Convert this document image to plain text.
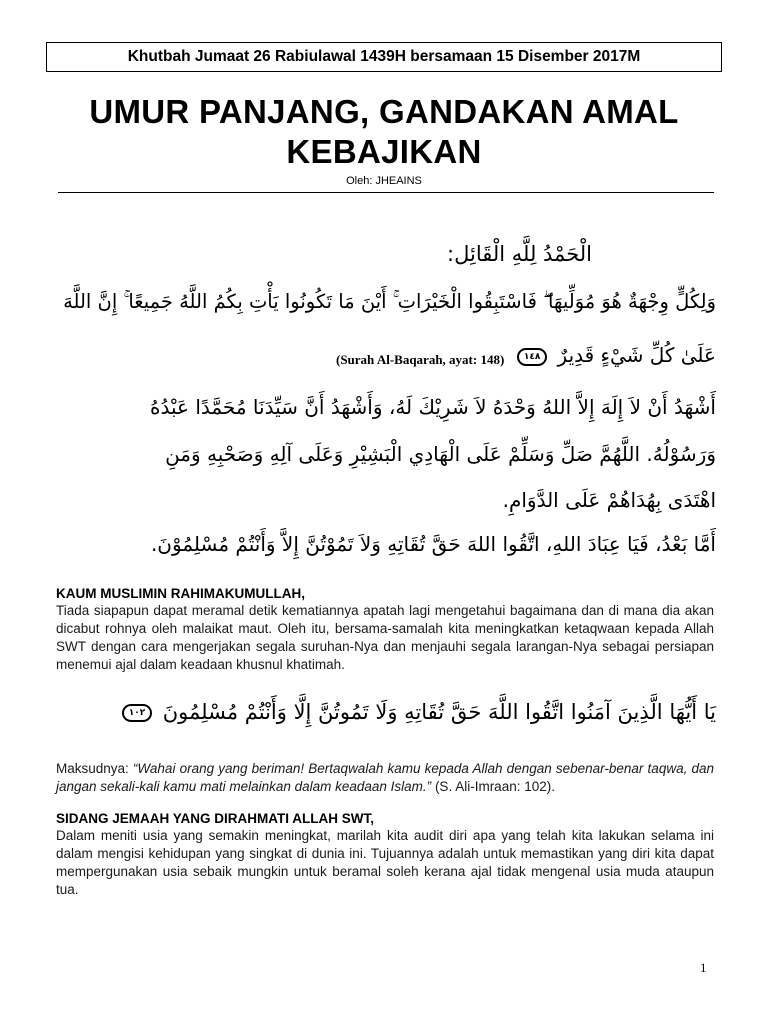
Khutbah Jumaat 26 Rabiulawal 1439H bersamaan 15 Disember 2017M
UMUR PANJANG, GANDAKAN AMAL
KEBAJIKAN
Oleh: JHEAINS
الْحَمْدُ لِلَّهِ الْقَائِل:
وَلِكُلٍّ وِجْهَةٌ هُوَ مُوَلِّيهَا ۖ فَاسْتَبِقُوا الْخَيْرَاتِ ۚ أَيْنَ مَا تَكُونُوا يَأْتِ بِكُمُ اللَّهُ جَمِيعًا ۚ إِنَّ اللَّهَ
عَلَىٰ كُلِّ شَيْءٍ قَدِيرٌ ١٤٨
(Surah Al-Baqarah, ayat: 148)
أَشْهَدُ أَنْ لاَ إِلَهَ إِلاَّ اللهُ وَحْدَهُ لاَ شَرِيْكَ لَهُ، وَأَشْهَدُ أَنَّ سَيِّدَنَا مُحَمَّدًا عَبْدُهُ
وَرَسُوْلُهُ. اللَّهُمَّ صَلِّ وَسَلِّمْ عَلَى الْهَادِي الْبَشِيْرِ وَعَلَى آلِهِ وَصَحْبِهِ وَمَنِ
اهْتَدَى بِهُدَاهُمْ عَلَى الدَّوَامِ.
أَمَّا بَعْدُ، فَيَا عِبَادَ اللهِ، اتَّقُوا اللهَ حَقَّ تُقَاتِهِ وَلاَ تَمُوْتُنَّ إِلاَّ وَأَنْتُمْ مُسْلِمُوْنَ.
KAUM MUSLIMIN RAHIMAKUMULLAH,
Tiada siapapun dapat meramal detik kematiannya apatah lagi mengetahui bagaimana dan di mana dia akan dicabut rohnya oleh malaikat maut. Oleh itu, bersama-samalah kita meningkatkan ketaqwaan kepada Allah SWT dengan cara mengerjakan segala suruhan-Nya dan menjauhi segala larangan-Nya sebagai persiapan menemui ajal dalam keadaan khusnul khatimah.
يَا أَيُّهَا الَّذِينَ آمَنُوا اتَّقُوا اللَّهَ حَقَّ تُقَاتِهِ وَلَا تَمُوتُنَّ إِلَّا وَأَنْتُمْ مُسْلِمُونَ ١٠٢
Maksudnya: “Wahai orang yang beriman! Bertaqwalah kamu kepada Allah dengan sebenar-benar taqwa, dan jangan sekali-kali kamu mati melainkan dalam keadaan Islam.” (S. Ali-Imraan: 102).
SIDANG JEMAAH YANG DIRAHMATI ALLAH SWT,
Dalam meniti usia yang semakin meningkat, marilah kita audit diri apa yang telah kita lakukan selama ini dalam mengisi kehidupan yang singkat di dunia ini. Tujuannya adalah untuk memastikan yang diri kita dapat mempergunakan usia sebaik mungkin untuk beramal soleh kerana ajal tidak mengenal usia muda ataupun tua.
1
